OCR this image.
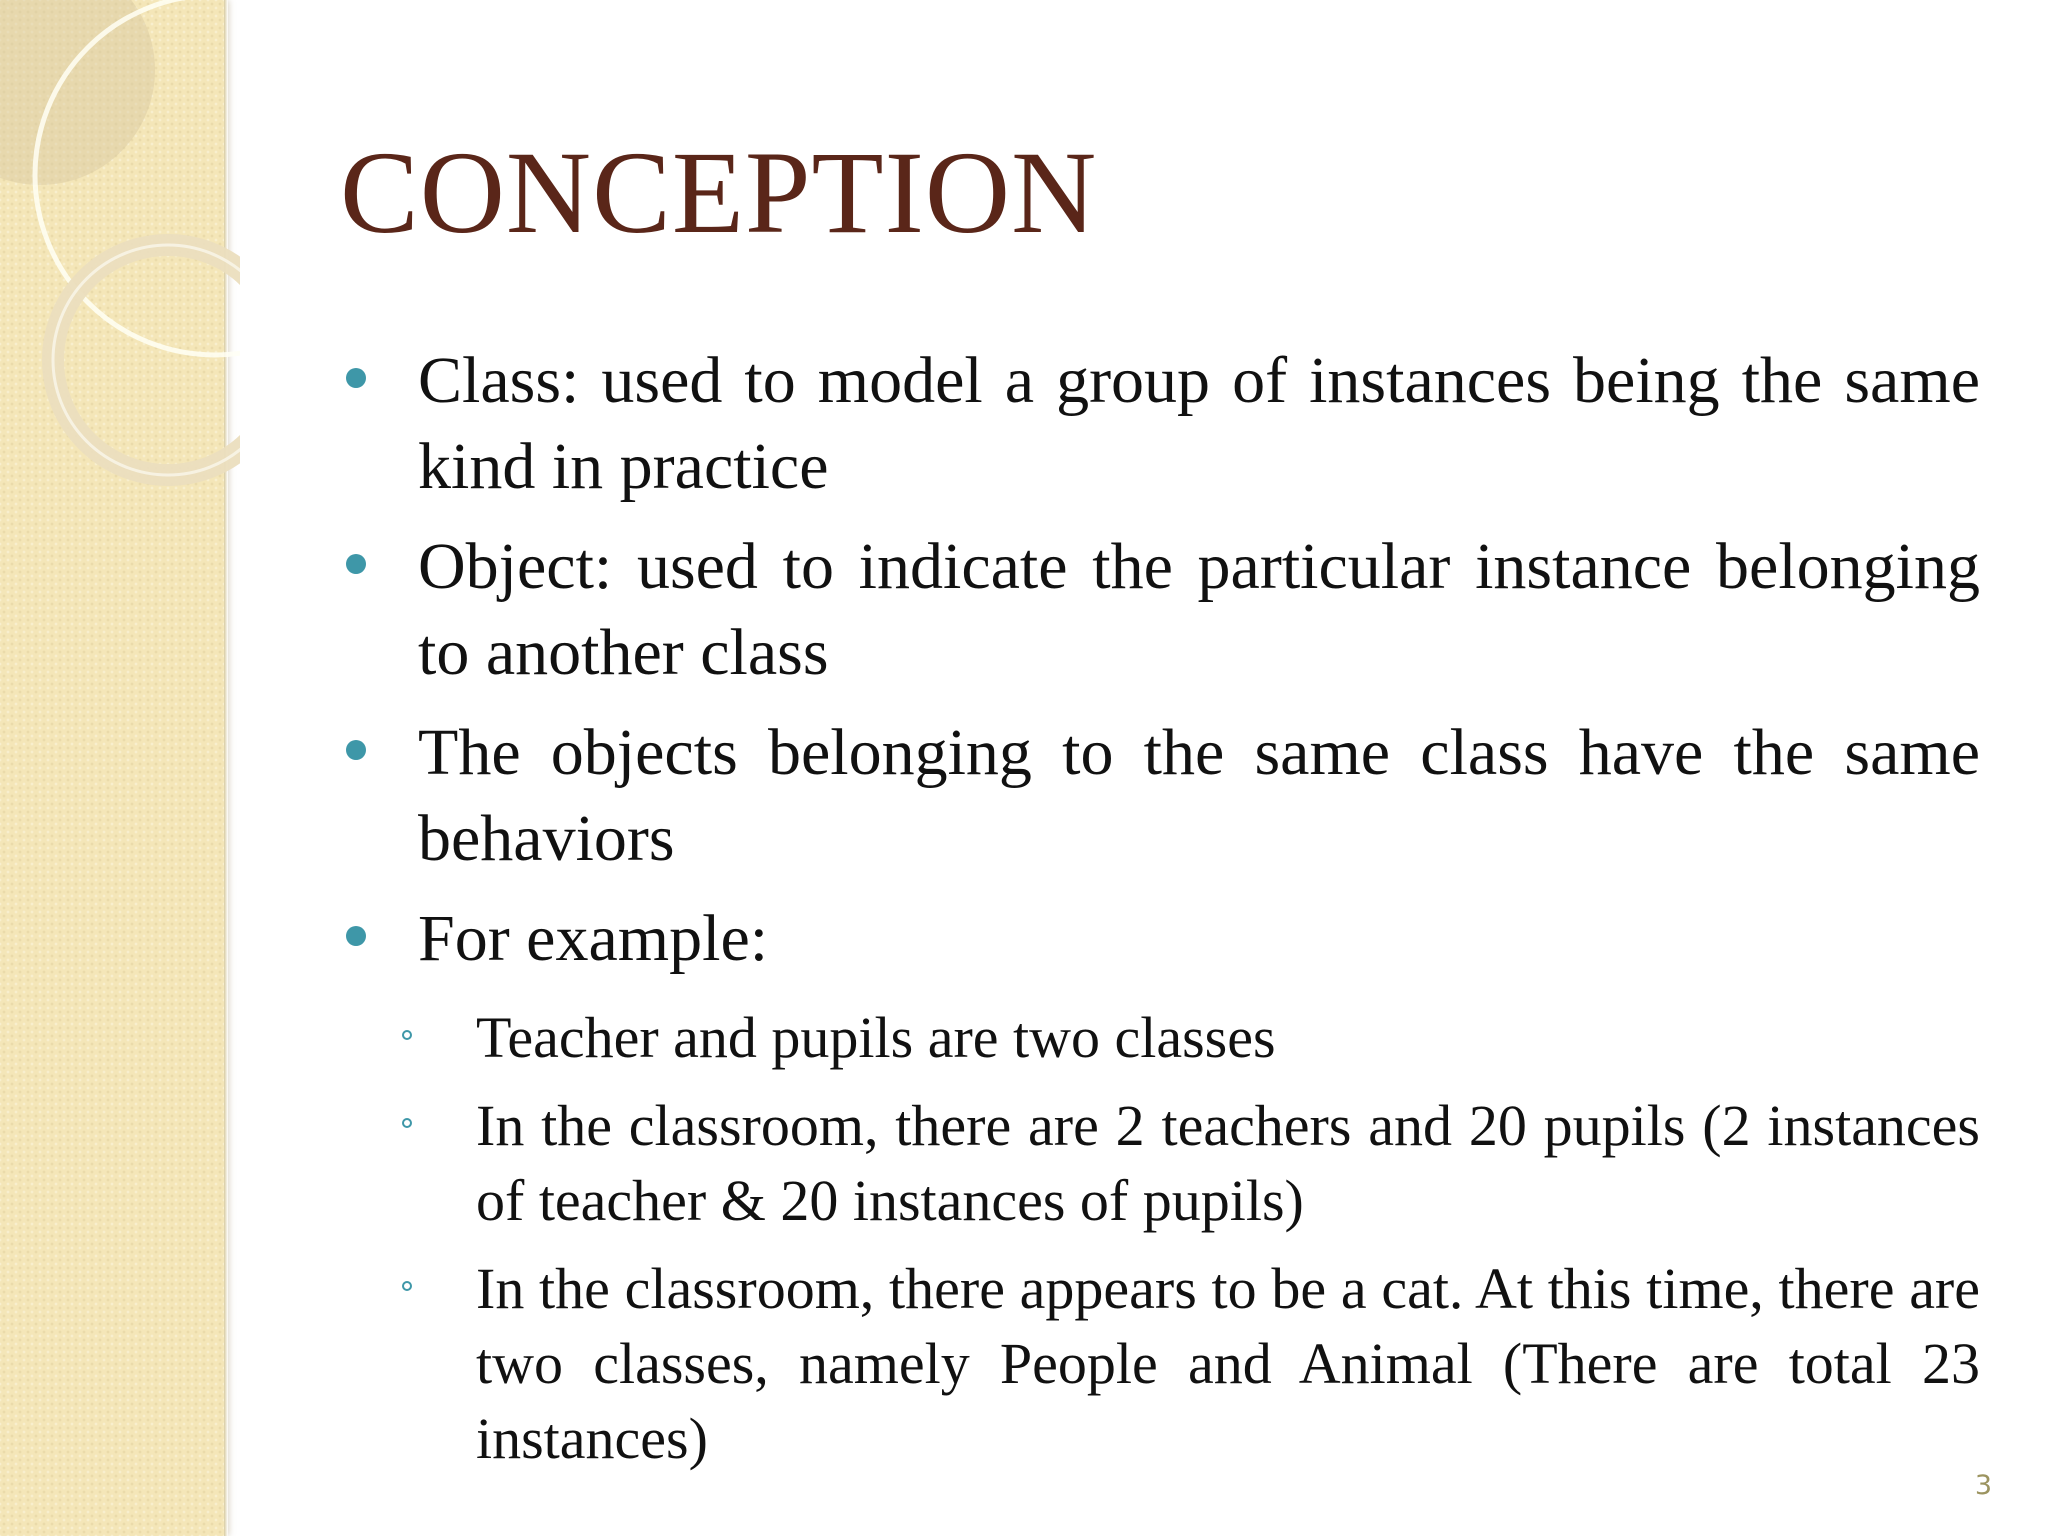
CONCEPTION
Class: used to model a group of instances being the same kind in practice
Object: used to indicate the particular instance belonging to another class
The objects belonging to the same class have the same behaviors
For example:
Teacher and pupils are two classes
In the classroom, there are 2 teachers and 20 pupils (2 instances of teacher & 20 instances of pupils)
In the classroom, there appears to be a cat. At this time, there are two classes, namely People and Animal (There are total 23 instances)
3
